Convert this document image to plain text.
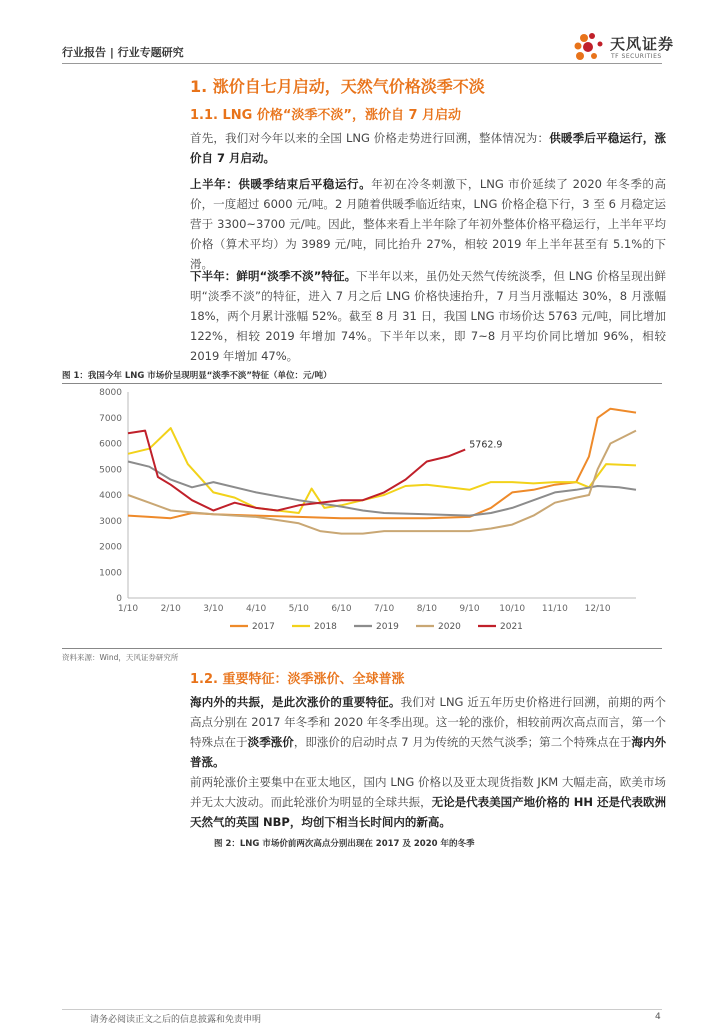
行业报告 | 行业专题研究	天风证券
TF SECURITIES
1. 涨价自七月启动，天然气价格淡季不淡
1.1. LNG 价格“淡季不淡”，涨价自 7 月启动
首先，我们对今年以来的全国 LNG 价格走势进行回溯，整体情况为：供暖季后平稳运行，涨价自 7 月启动。
上半年：供暖季结束后平稳运行。年初在冷冬刺激下，LNG 市价延续了 2020 年冬季的高价，一度超过 6000 元/吨。2 月随着供暖季临近结束，LNG 价格企稳下行，3 至 6 月稳定运营于 3300~3700 元/吨。因此，整体来看上半年除了年初外整体价格平稳运行，上半年平均价格（算术平均）为 3989 元/吨，同比抬升 27%，相较 2019 年上半年甚至有 5.1%的下滑。
下半年：鲜明“淡季不淡”特征。下半年以来，虽仍处天然气传统淡季，但 LNG 价格呈现出鲜明“淡季不淡”的特征，进入 7 月之后 LNG 价格快速抬升，7 月当月涨幅达 30%，8 月涨幅 18%，两个月累计涨幅 52%。截至 8 月 31 日，我国 LNG 市场价达 5763 元/吨，同比增加 122%，相较 2019 年增加 74%。下半年以来，即 7~8 月平均价同比增加 96%，相较 2019 年增加 47%。
图 1：我国今年 LNG 市场价呈现明显“淡季不淡”特征（单位：元/吨）
0
1000
2000
3000
4000
5000
6000
7000
8000
1/10 2/10 3/10 4/10 5/10 6/10 7/10 8/10 9/10 10/10 11/10 12/10
5762.9
2017	2018	2019	2020	2021
资料来源：Wind，天风证券研究所
1.2. 重要特征：淡季涨价、全球普涨
海内外的共振，是此次涨价的重要特征。我们对 LNG 近五年历史价格进行回溯，前期的两个高点分别在 2017 年冬季和 2020 年冬季出现。这一轮的涨价，相较前两次高点而言，第一个特殊点在于淡季涨价，即涨价的启动时点 7 月为传统的天然气淡季；第二个特殊点在于海内外普涨。
前两轮涨价主要集中在亚太地区，国内 LNG 价格以及亚太现货指数 JKM 大幅走高，欧美市场并无太大波动。而此轮涨价为明显的全球共振，无论是代表美国产地价格的 HH 还是代表欧洲天然气的英国 NBP，均创下相当长时间内的新高。
图 2：LNG 市场价前两次高点分别出现在 2017 及 2020 年的冬季
请务必阅读正文之后的信息披露和免责申明	4
